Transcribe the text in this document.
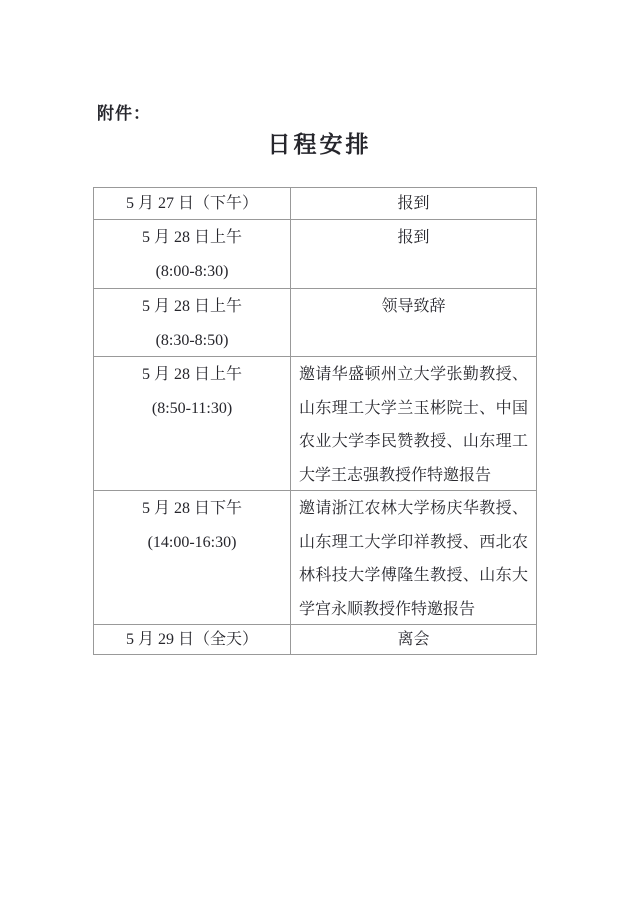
附件：
日程安排
5 月 27 日（下午）	报到
5 月 28 日上午
(8:00-8:30)
报到
5 月 28 日上午
(8:30-8:50)
领导致辞
5 月 28 日上午
(8:50-11:30)
邀请华盛顿州立大学张勤教授、山东理工大学兰玉彬院士、中国农业大学李民赞教授、山东理工大学王志强教授作特邀报告
5 月 28 日下午
(14:00-16:30)
邀请浙江农林大学杨庆华教授、山东理工大学印祥教授、西北农林科技大学傅隆生教授、山东大学宫永顺教授作特邀报告
5 月 29 日（全天）	离会
